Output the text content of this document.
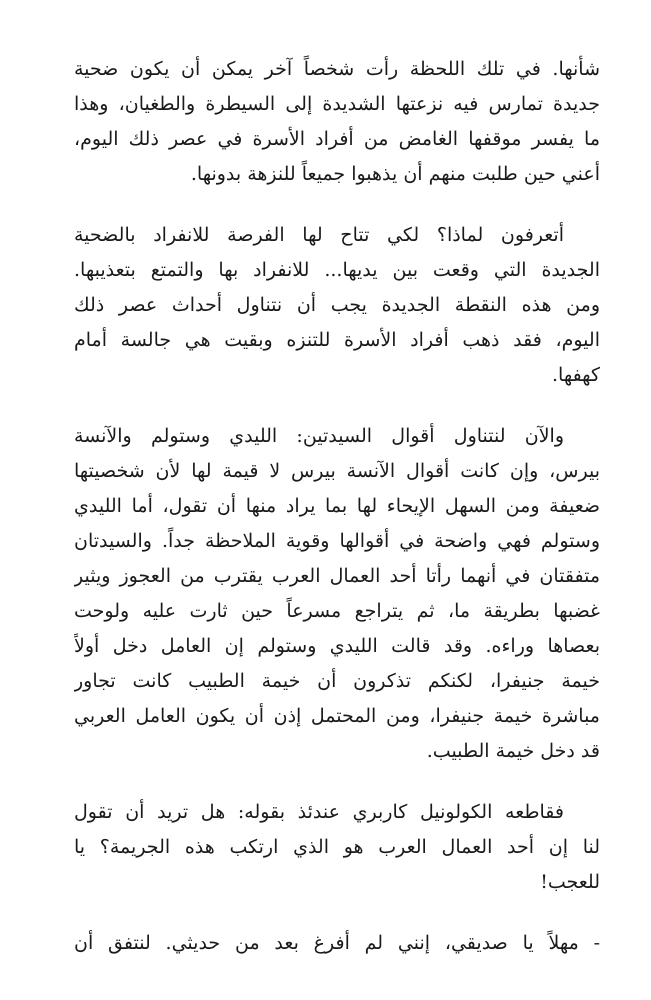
شأنها. في تلك اللحظة رأت شخصاً آخر يمكن أن يكون ضحية
جديدة تمارس فيه نزعتها الشديدة إلى السيطرة والطغيان، وهذا
ما يفسر موقفها الغامض من أفراد الأسرة في عصر ذلك اليوم،
أعني حين طلبت منهم أن يذهبوا جميعاً للنزهة بدونها.
أتعرفون لماذا؟ لكي تتاح لها الفرصة للانفراد بالضحية
الجديدة التي وقعت بين يديها... للانفراد بها والتمتع بتعذيبها.
ومن هذه النقطة الجديدة يجب أن نتناول أحداث عصر ذلك
اليوم، فقد ذهب أفراد الأسرة للتنزه وبقيت هي جالسة أمام
كهفها.
والآن لنتناول أقوال السيدتين: الليدي وستولم والآنسة
بيرس، وإن كانت أقوال الآنسة بيرس لا قيمة لها لأن شخصيتها
ضعيفة ومن السهل الإيحاء لها بما يراد منها أن تقول، أما الليدي
وستولم فهي واضحة في أقوالها وقوية الملاحظة جداً. والسيدتان
متفقتان في أنهما رأتا أحد العمال العرب يقترب من العجوز ويثير
غضبها بطريقة ما، ثم يتراجع مسرعاً حين ثارت عليه ولوحت
بعصاها وراءه. وقد قالت الليدي وستولم إن العامل دخل أولاً
خيمة جنيفرا، لكنكم تذكرون أن خيمة الطبيب كانت تجاور
مباشرة خيمة جنيفرا، ومن المحتمل إذن أن يكون العامل العربي
قد دخل خيمة الطبيب.
فقاطعه الكولونيل كاربري عندئذ بقوله: هل تريد أن تقول
لنا إن أحد العمال العرب هو الذي ارتكب هذه الجريمة؟ يا
للعجب!
- مهلاً يا صديقي، إنني لم أفرغ بعد من حديثي. لنتفق أن
